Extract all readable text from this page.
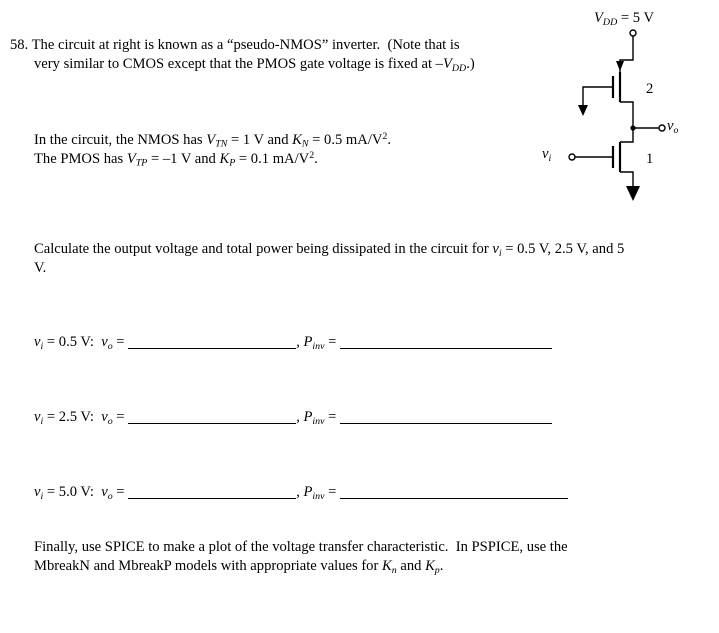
58. The circuit at right is known as a “pseudo-NMOS” inverter.  (Note that is
very similar to CMOS except that the PMOS gate voltage is fixed at –VDD.)
In the circuit, the NMOS has VTN = 1 V and KN = 0.5 $mA/V^2$.
The PMOS has VTP = –1 V and KP = 0.1 $mA/V^2$.
Calculate the output voltage and total power being dissipated in the circuit for vi = 0.5 V, 2.5 V, and 5
V.
vi = 0.5 V:  vo =	, Pinv =
vi = 2.5 V:  vo =	, Pinv =
vi = 5.0 V:  vo =	, Pinv =
Finally, use SPICE to make a plot of the voltage transfer characteristic.  In PSPICE, use the
MbreakN and MbreakP models with appropriate values for Kn and Kp.
VDD = 5 V
2
vo
vi	1
